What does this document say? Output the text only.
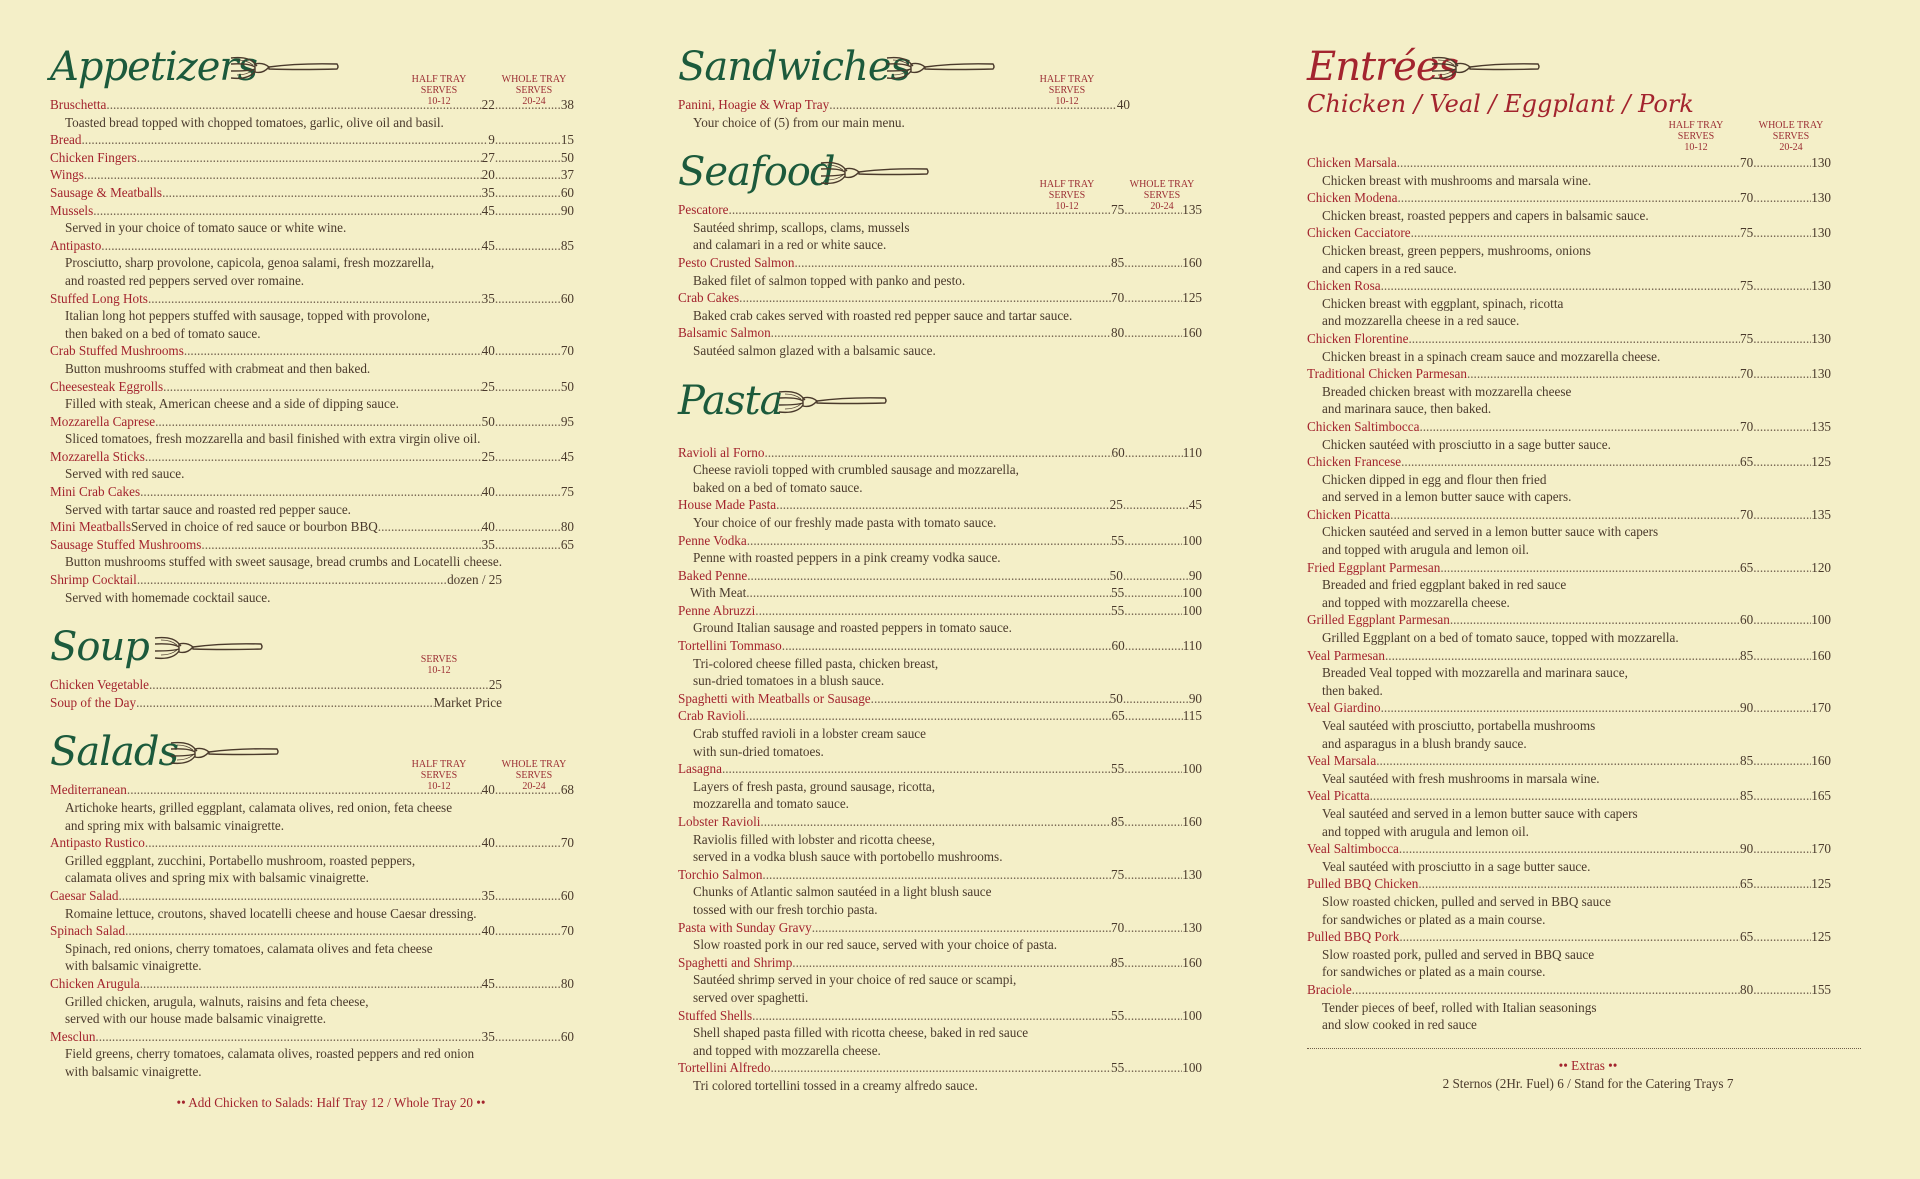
Appetizers	HALF TRAY
SERVES
10-12
WHOLE TRAY
SERVES
20-24
Bruschetta .....	22 .....	38
Toasted bread topped with chopped tomatoes, garlic, olive oil and basil.
Bread .....	9 .....	15
Chicken Fingers .....	27 .....	50
Wings .....	20 .....	37
Sausage & Meatballs .....	35 .....	60
Mussels .....	45 .....	90
Served in your choice of tomato sauce or white wine.
Antipasto .....	45 .....	85
Prosciutto, sharp provolone, capicola, genoa salami, fresh mozzarella,
and roasted red peppers served over romaine.
Stuffed Long Hots .....	35 .....	60
Italian long hot peppers stuffed with sausage, topped with provolone,
then baked on a bed of tomato sauce.
Crab Stuffed Mushrooms .....	40 .....	70
Button mushrooms stuffed with crabmeat and then baked.
Cheesesteak Eggrolls .....	25 .....	50
Filled with steak, American cheese and a side of dipping sauce.
Mozzarella Caprese .....	50 .....	95
Sliced tomatoes, fresh mozzarella and basil finished with extra virgin olive oil.
Mozzarella Sticks .....	25 .....	45
Served with red sauce.
Mini Crab Cakes .....	40 .....	75
Served with tartar sauce and roasted red pepper sauce.
Mini Meatballs Served in choice of red sauce or bourbon BBQ .....	40 .....	80
Sausage Stuffed Mushrooms .....	35 .....	65
Button mushrooms stuffed with sweet sausage, bread crumbs and Locatelli cheese.
Shrimp Cocktail .....	dozen / 25
Served with homemade cocktail sauce.
Soup	SERVES
10-12
Chicken Vegetable .....	25
Soup of the Day .....	Market Price
Salads	HALF TRAY
SERVES
10-12
WHOLE TRAY
SERVES
20-24
Mediterranean .....	40 .....	68
Artichoke hearts, grilled eggplant, calamata olives, red onion, feta cheese
and spring mix with balsamic vinaigrette.
Antipasto Rustico .....	40 .....	70
Grilled eggplant, zucchini, Portabello mushroom, roasted peppers,
calamata olives and spring mix with balsamic vinaigrette.
Caesar Salad .....	35 .....	60
Romaine lettuce, croutons, shaved locatelli cheese and house Caesar dressing.
Spinach Salad .....	40 .....	70
Spinach, red onions, cherry tomatoes, calamata olives and feta cheese
with balsamic vinaigrette.
Chicken Arugula .....	45 .....	80
Grilled chicken, arugula, walnuts, raisins and feta cheese,
served with our house made balsamic vinaigrette.
Mesclun .....	35 .....	60
Field greens, cherry tomatoes, calamata olives, roasted peppers and red onion
with balsamic vinaigrette.
•• Add Chicken to Salads: Half Tray 12 / Whole Tray 20 ••
Sandwiches	HALF TRAY
SERVES
10-12
Panini, Hoagie & Wrap Tray .....	40
Your choice of (5) from our main menu.
Seafood	HALF TRAY
SERVES
10-12
WHOLE TRAY
SERVES
20-24
Pescatore .....	75 .....	135
Sautéed shrimp, scallops, clams, mussels
and calamari in a red or white sauce.
Pesto Crusted Salmon .....	85 .....	160
Baked filet of salmon topped with panko and pesto.
Crab Cakes .....	70 .....	125
Baked crab cakes served with roasted red pepper sauce and tartar sauce.
Balsamic Salmon .....	80 .....	160
Sautéed salmon glazed with a balsamic sauce.
Pasta
Ravioli al Forno .....	60 .....	110
Cheese ravioli topped with crumbled sausage and mozzarella,
baked on a bed of tomato sauce.
House Made Pasta .....	25 .....	45
Your choice of our freshly made pasta with tomato sauce.
Penne Vodka .....	55 .....	100
Penne with roasted peppers in a pink creamy vodka sauce.
Baked Penne .....	50 .....	90
With Meat .....	55 .....	100
Penne Abruzzi .....	55 .....	100
Ground Italian sausage and roasted peppers in tomato sauce.
Tortellini Tommaso .....	60 .....	110
Tri-colored cheese filled pasta, chicken breast,
sun-dried tomatoes in a blush sauce.
Spaghetti with Meatballs or Sausage .....	50 .....	90
Crab Ravioli .....	65 .....	115
Crab stuffed ravioli in a lobster cream sauce
with sun-dried tomatoes.
Lasagna .....	55 .....	100
Layers of fresh pasta, ground sausage, ricotta,
mozzarella and tomato sauce.
Lobster Ravioli .....	85 .....	160
Raviolis filled with lobster and ricotta cheese,
served in a vodka blush sauce with portobello mushrooms.
Torchio Salmon .....	75 .....	130
Chunks of Atlantic salmon sautéed in a light blush sauce
tossed with our fresh torchio pasta.
Pasta with Sunday Gravy .....	70 .....	130
Slow roasted pork in our red sauce, served with your choice of pasta.
Spaghetti and Shrimp .....	85 .....	160
Sautéed shrimp served in your choice of red sauce or scampi,
served over spaghetti.
Stuffed Shells .....	55 .....	100
Shell shaped pasta filled with ricotta cheese, baked in red sauce
and topped with mozzarella cheese.
Tortellini Alfredo .....	55 .....	100
Tri colored tortellini tossed in a creamy alfredo sauce.
Entrées
Chicken / Veal / Eggplant / Pork
HALF TRAY
SERVES
10-12
WHOLE TRAY
SERVES
20-24
Chicken Marsala .....	70 .....	130
Chicken breast with mushrooms and marsala wine.
Chicken Modena .....	70 .....	130
Chicken breast, roasted peppers and capers in balsamic sauce.
Chicken Cacciatore .....	75 .....	130
Chicken breast, green peppers, mushrooms, onions
and capers in a red sauce.
Chicken Rosa .....	75 .....	130
Chicken breast with eggplant, spinach, ricotta
and mozzarella cheese in a red sauce.
Chicken Florentine .....	75 .....	130
Chicken breast in a spinach cream sauce and mozzarella cheese.
Traditional Chicken Parmesan .....	70 .....	130
Breaded chicken breast with mozzarella cheese
and marinara sauce, then baked.
Chicken Saltimbocca .....	70 .....	135
Chicken sautéed with prosciutto in a sage butter sauce.
Chicken Francese .....	65 .....	125
Chicken dipped in egg and flour then fried
and served in a lemon butter sauce with capers.
Chicken Picatta .....	70 .....	135
Chicken sautéed and served in a lemon butter sauce with capers
and topped with arugula and lemon oil.
Fried Eggplant Parmesan .....	65 .....	120
Breaded and fried eggplant baked in red sauce
and topped with mozzarella cheese.
Grilled Eggplant Parmesan .....	60 .....	100
Grilled Eggplant on a bed of tomato sauce, topped with mozzarella.
Veal Parmesan .....	85 .....	160
Breaded Veal topped with mozzarella and marinara sauce,
then baked.
Veal Giardino .....	90 .....	170
Veal sautéed with prosciutto, portabella mushrooms
and asparagus in a blush brandy sauce.
Veal Marsala .....	85 .....	160
Veal sautéed with fresh mushrooms in marsala wine.
Veal Picatta .....	85 .....	165
Veal sautéed and served in a lemon butter sauce with capers
and topped with arugula and lemon oil.
Veal Saltimbocca .....	90 .....	170
Veal sautéed with prosciutto in a sage butter sauce.
Pulled BBQ Chicken .....	65 .....	125
Slow roasted chicken, pulled and served in BBQ sauce
for sandwiches or plated as a main course.
Pulled BBQ Pork .....	65 .....	125
Slow roasted pork, pulled and served in BBQ sauce
for sandwiches or plated as a main course.
Braciole .....	80 .....	155
Tender pieces of beef, rolled with Italian seasonings
and slow cooked in red sauce
•• Extras ••
2 Sternos (2Hr. Fuel) 6 / Stand for the Catering Trays 7
